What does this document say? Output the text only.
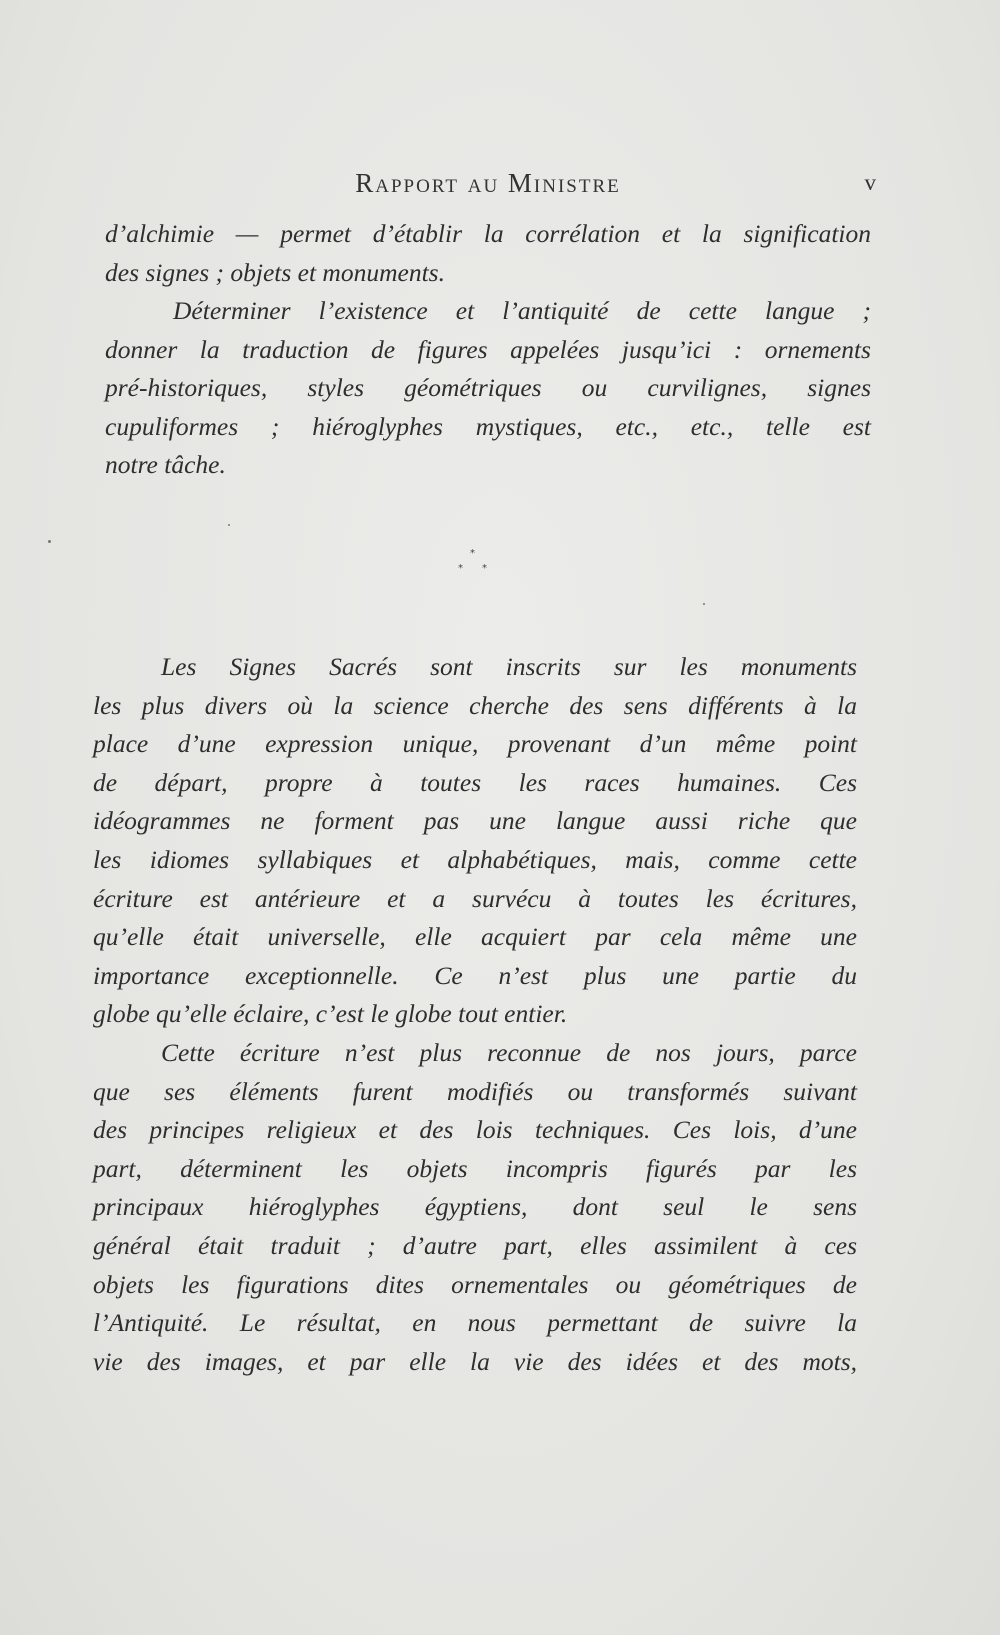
Rapport au Ministre	v
d’alchimie — permet d’établir la corrélation et la signification
des signes ; objets et monuments.
Déterminer l’existence et l’antiquité de cette langue ;
donner la traduction de figures appelées jusqu’ici : ornements
pré-historiques, styles géométriques ou curvilignes, signes
cupuliformes ; hiéroglyphes mystiques, etc., etc., telle est
notre tâche.
*
* *
Les Signes Sacrés sont inscrits sur les monuments
les plus divers où la science cherche des sens différents à la
place d’une expression unique, provenant d’un même point
de départ, propre à toutes les races humaines. Ces
idéogrammes ne forment pas une langue aussi riche que
les idiomes syllabiques et alphabétiques, mais, comme cette
écriture est antérieure et a survécu à toutes les écritures,
qu’elle était universelle, elle acquiert par cela même une
importance exceptionnelle. Ce n’est plus une partie du
globe qu’elle éclaire, c’est le globe tout entier.
Cette écriture n’est plus reconnue de nos jours, parce
que ses éléments furent modifiés ou transformés suivant
des principes religieux et des lois techniques. Ces lois, d’une
part, déterminent les objets incompris figurés par les
principaux hiéroglyphes égyptiens, dont seul le sens
général était traduit ; d’autre part, elles assimilent à ces
objets les figurations dites ornementales ou géométriques de
l’Antiquité. Le résultat, en nous permettant de suivre la
vie des images, et par elle la vie des idées et des mots,
